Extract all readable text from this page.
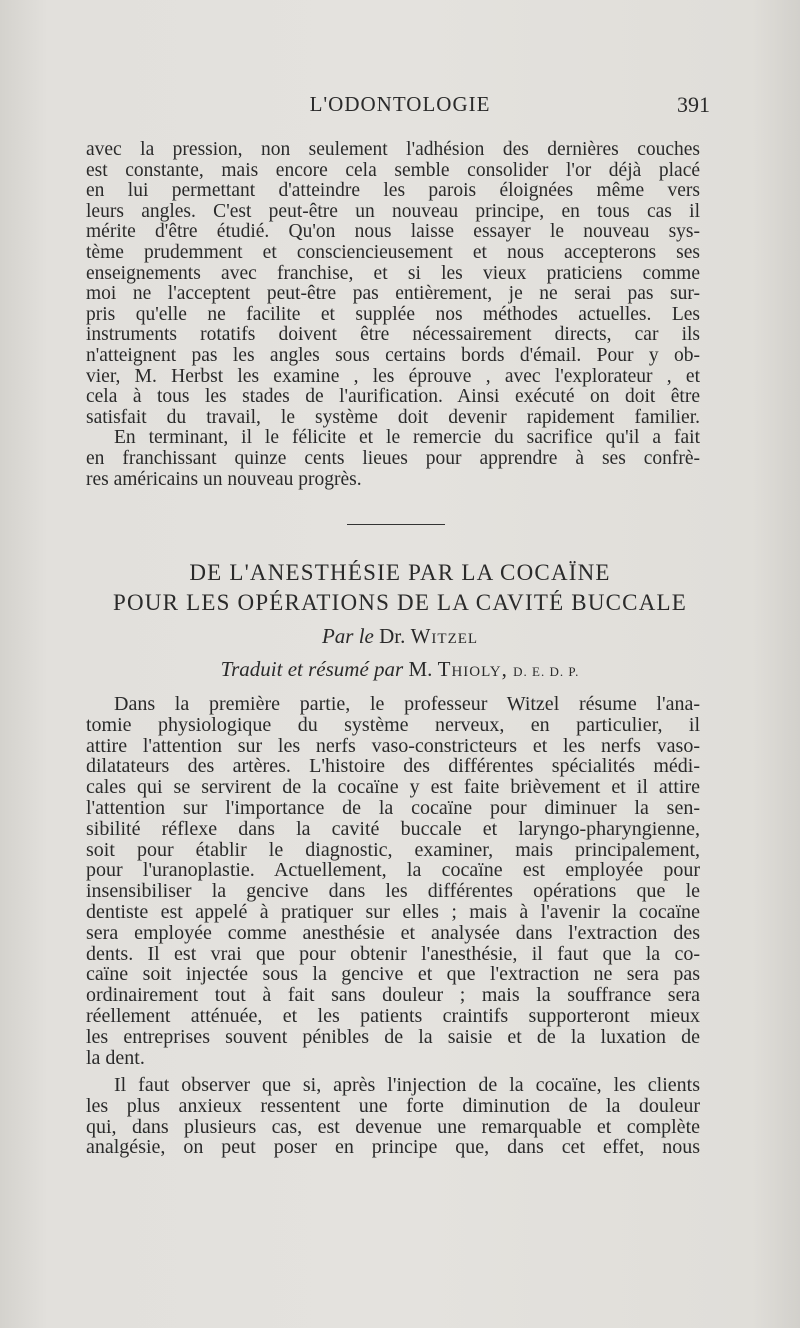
L'ODONTOLOGIE	391
avec la pression, non seulement l'adhésion des dernières couches
est constante, mais encore cela semble consolider l'or déjà placé
en lui permettant d'atteindre les parois éloignées même vers
leurs angles. C'est peut-être un nouveau principe, en tous cas il
mérite d'être étudié. Qu'on nous laisse essayer le nouveau sys-
tème prudemment et consciencieusement et nous accepterons ses
enseignements avec franchise, et si les vieux praticiens comme
moi ne l'acceptent peut-être pas entièrement, je ne serai pas sur-
pris qu'elle ne facilite et supplée nos méthodes actuelles. Les
instruments rotatifs doivent être nécessairement directs, car ils
n'atteignent pas les angles sous certains bords d'émail. Pour y ob-
vier, M. Herbst les examine , les éprouve , avec l'explorateur , et
cela à tous les stades de l'aurification. Ainsi exécuté on doit être
satisfait du travail, le système doit devenir rapidement familier.
En terminant, il le félicite et le remercie du sacrifice qu'il a fait
en franchissant quinze cents lieues pour apprendre à ses confrè-
res américains un nouveau progrès.
DE L'ANESTHÉSIE PAR LA COCAÏNE
POUR LES OPÉRATIONS DE LA CAVITÉ BUCCALE
Par le Dr. Witzel
Traduit et résumé par M. Thioly, D. E. D. P.
Dans la première partie, le professeur Witzel résume l'ana-
tomie physiologique du système nerveux, en particulier, il
attire l'attention sur les nerfs vaso-constricteurs et les nerfs vaso-
dilatateurs des artères. L'histoire des différentes spécialités médi-
cales qui se servirent de la cocaïne y est faite brièvement et il attire
l'attention sur l'importance de la cocaïne pour diminuer la sen-
sibilité réflexe dans la cavité buccale et laryngo-pharyngienne,
soit pour établir le diagnostic, examiner, mais principalement,
pour l'uranoplastie. Actuellement, la cocaïne est employée pour
insensibiliser la gencive dans les différentes opérations que le
dentiste est appelé à pratiquer sur elles ; mais à l'avenir la cocaïne
sera employée comme anesthésie et analysée dans l'extraction des
dents. Il est vrai que pour obtenir l'anesthésie, il faut que la co-
caïne soit injectée sous la gencive et que l'extraction ne sera pas
ordinairement tout à fait sans douleur ; mais la souffrance sera
réellement atténuée, et les patients craintifs supporteront mieux
les entreprises souvent pénibles de la saisie et de la luxation de
la dent.
Il faut observer que si, après l'injection de la cocaïne, les clients
les plus anxieux ressentent une forte diminution de la douleur
qui, dans plusieurs cas, est devenue une remarquable et complète
analgésie, on peut poser en principe que, dans cet effet, nous
